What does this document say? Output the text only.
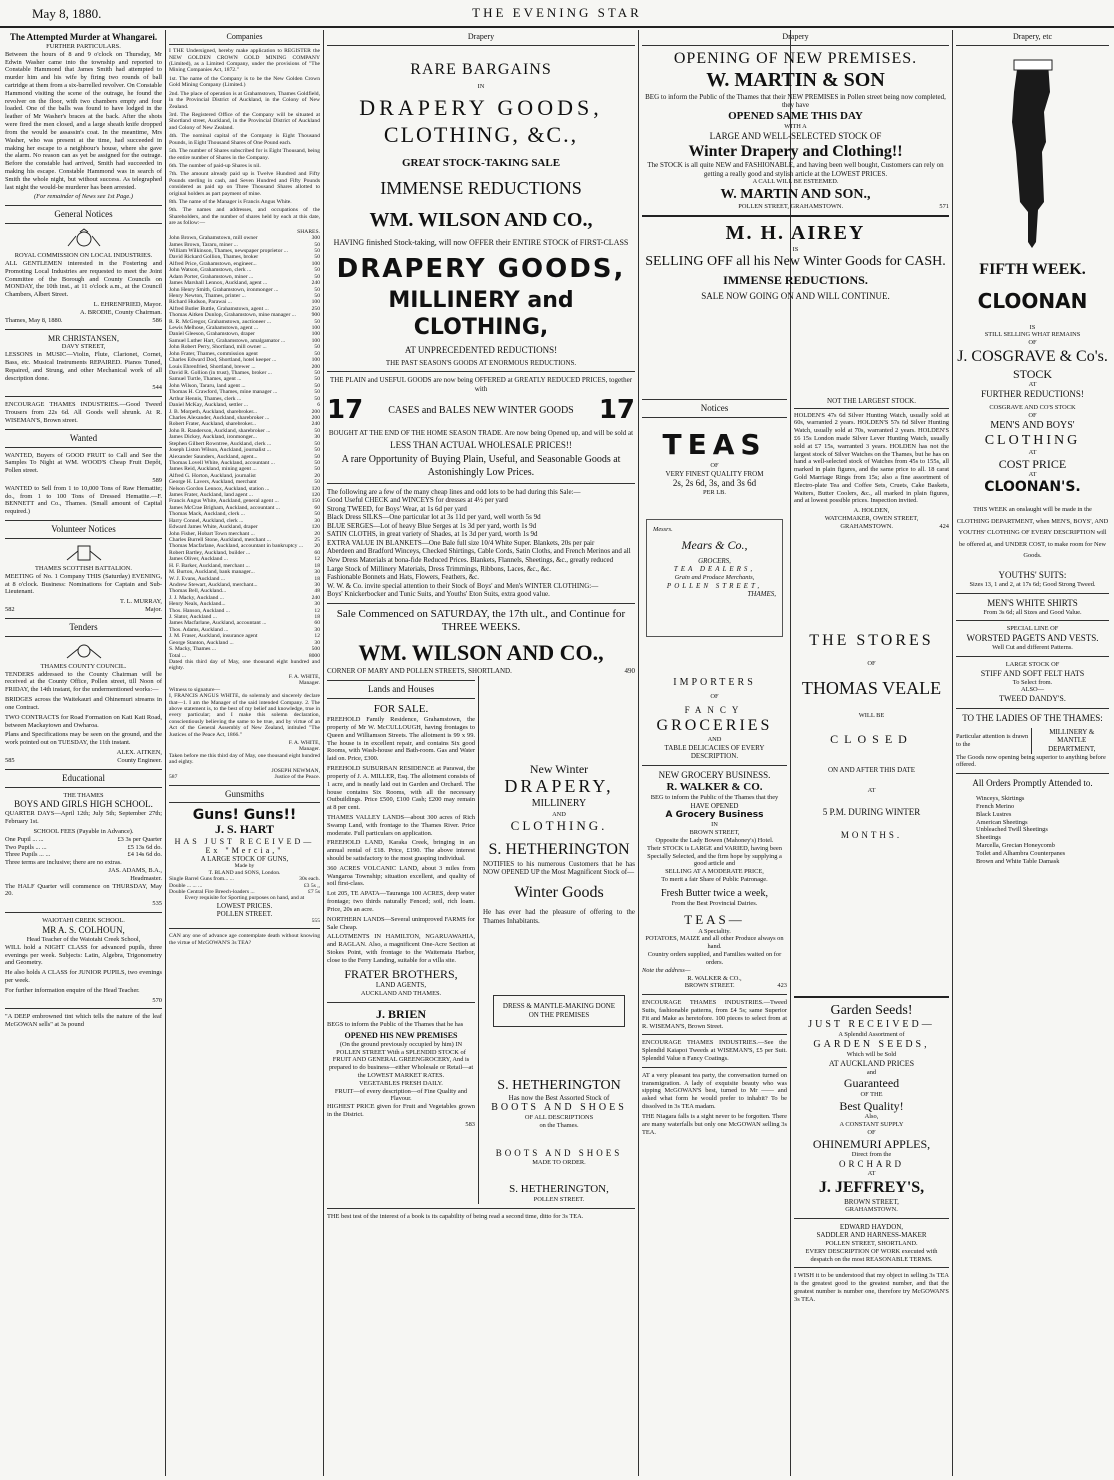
May 8, 1880.	THE EVENING STAR
The Attempted Murder at Whangarei.
FURTHER PARTICULARS.
Between the hours of 8 and 9 o'clock on Thursday, Mr Edwin Washer came into the township and reported to Constable Hammond that James Smith had attempted to murder him and his wife by firing two rounds of ball cartridge at them from a six-barrelled revolver. On Constable Hammond visiting the scene of the outrage, he found the revolver on the floor, with two chambers empty and four loaded. One of the balls was found to have lodged in the leather of Mr Washer's braces at the back. After the shots were fired the men closed, and a large sheath knife dropped from the would be assassin's coat. In the meantime, Mrs Washer, who was present at the time, had succeeded in making her escape to a neighbour's house, where she gave the alarm. No reason can as yet be assigned for the outrage. Before the constable had arrived, Smith had succeeded in making his escape. Constable Hammond was in search of Smith the whole night, but without success. As telegraphed last night the would-be murderer has been arrested.
(For remainder of News see 1st Page.)
General Notices
ROYAL COMMISSION ON LOCAL INDUSTRIES.
ALL GENTLEMEN interested in the Fostering and Promoting Local Industries are requested to meet the Joint Committee of the Borough and County Councils on MONDAY, the 10th inst., at 11 o'clock a.m., at the Council Chambers, Albert Street.
L. EHRENFRIED, Mayor.
A. BRODIE, County Chairman.
Thames, May 8, 1880.	586
MR CHRISTANSEN,
DAVY STREET,
LESSONS in MUSIC—Violin, Flute, Clarionet, Cornet, Bass, etc. Musical Instruments REPAIRED. Pianos Tuned, Repaired, and Strung, and other Mechanical work of all description done.
544
ENCOURAGE THAMES INDUSTRIES.—Good Tweed Trousers from 22s 6d. All Goods well shrunk. At R. WISEMAN'S, Brown street.
Wanted
WANTED, Buyers of GOOD FRUIT to Call and See the Samples To Night at WM. WOOD'S Cheap Fruit Depôt, Pollen street.
589
WANTED to Sell from 1 to 10,000 Tons of Raw Hematite; do., from 1 to 100 Tons of Dressed Hematite.—F. BENNETT and Co., Thames. (Small amount of Capital required.)
Volunteer Notices
THAMES SCOTTISH BATTALION.
MEETING of No. 1 Company THIS (Saturday) EVENING, at 8 o'clock. Business: Nominations for Captain and Sub-Lieutenant.
T. L. MURRAY,
582	Major.
Tenders
THAMES COUNTY COUNCIL.
TENDERS addressed to the County Chairman will be received at the County Office, Pollen street, till Noon of FRIDAY, the 14th instant, for the undermentioned works:—
BRIDGES across the Waitekauri and Ohinemuri streams in one Contract.
TWO CONTRACTS for Road Formation on Kati Kati Road, between Mackaytown and Owharoa.
Plans and Specifications may be seen on the ground, and the work pointed out on TUESDAY, the 11th instant.
ALEX. AITKEN,
585	County Engineer.
Educational
THE THAMES
BOYS AND GIRLS HIGH SCHOOL.
QUARTER DAYS—April 12th; July 5th; September 27th; February 1st.
SCHOOL FEES (Payable in Advance).
One Pupil ... ...	£3 3s per Quarter
Two Pupils ... ...	£5 13s 6d do.
Three Pupils ... ...	£4 14s 6d do.
Three terms are inclusive; there are no extras.
JAS. ADAMS, B.A.,
Headmaster.
The HALF Quarter will commence on THURSDAY, May 20.
535
WAIOTAHI CREEK SCHOOL.
MR A. S. COLHOUN,
Head Teacher of the Waiotahi Creek School,
WILL hold a NIGHT CLASS for advanced pupils, three evenings per week. Subjects: Latin, Algebra, Trigonometry and Geometry.
He also holds A CLASS for JUNIOR PUPILS, two evenings per week.
For further information enquire of the Head Teacher.
570
"A DEEP embrowned tint which tells the nature of the leaf McGOWAN sells" at 3s pound
Companies
I THE Undersigned, hereby make application to REGISTER the NEW GOLDEN CROWN GOLD MINING COMPANY (Limited), as a Limited Company, under the provisions of "The Mining Companies Act, 1872."
1st. The name of the Company is to be the New Golden Crown Gold Mining Company (Limited.)
2nd. The place of operation is at Grahamstown, Thames Goldfield, in the Provincial District of Auckland, in the Colony of New Zealand.
3rd. The Registered Office of the Company will be situated at Shortland street, Auckland, in the Provincial District of Auckland and Colony of New Zealand.
4th. The nominal capital of the Company is Eight Thousand Pounds, in Eight Thousand Shares of One Pound each.
5th. The number of Shares subscribed for is Eight Thousand, being the entire number of Shares in the Company.
6th. The number of paid-up Shares is nil.
7th. The amount already paid up is Twelve Hundred and Fifty Pounds sterling in cash, and Seven Hundred and Fifty Pounds considered as paid up on Three Thousand Shares allotted to original holders as part payment of mine.
8th. The name of the Manager is Francis Angus White.
9th. The names and addresses, and occupations of the Shareholders, and the number of shares held by each at this date, are as follow:—
SHARES.
John Brown, Grahamstown, mill owner	300
James Brown, Tararu, miner ...	50
William Wilkinson, Thames, newspaper proprietor ...	50
David Rickard Gollion, Thames, broker	50
Alfred Price, Grahamstown, engineer...	100
John Watson, Grahamstown, clerk ...	50
Adam Porter, Grahamstown, miner ...	50
James Marshall Lennox, Auckland, agent ...	240
John Henry Smith, Grahamstown, ironmonger ...	50
Henry Newton, Thames, printer ...	50
Richard Hudson, Parawai ...	100
Alfred Butler Buttle, Grahamstown, agent ...	250
Thomas Aitken Dunlop, Grahamstown, mine manager ...	900
R. R. McGregor, Grahamstown, auctioneer ...	50
Lewis Melhose, Grahamstown, agent ...	100
Daniel Gleeson, Grahamstown, draper	100
Samuel Luther Hart, Grahamstown, amalgamator ...	100
John Robert Perry, Shortland, mill owner ...	50
John Frater, Thames, commission agent	50
Charles Edward Dod, Shortland, hotel keeper ...	100
Louis Ehrenfried, Shortland, brewer ...	200
David R. Gollion (in trust), Thames, broker ...	50
Samuel Turtle, Thames, agent ...	50
John Wilson, Tararu, land agent ...	50
Thomas H. Crawford, Thames, mine manager ...	50
Arthur Hennis, Thames, clerk ...	50
Daniel McKay, Auckland, settler ...	6
J. B. Morpeth, Auckland, sharebroker...	200
Charles Alexander, Auckland, sharebroker ...	200
Robert Frater, Auckland, sharebroker...	240
John R. Randerson, Auckland, sharebroker ...	50
James Dickey, Auckland, ironmonger...	30
Stephen Gilbert Rowntree, Auckland, clerk ...	50
Joseph Liston Wilson, Auckland, journalist ...	50
Alexander Saunders, Auckland, agent...	50
Thomas Lovell White, Auckland, accountant ...	50
James Reid, Auckland, mining agent ...	50
Alfred G. Horton, Auckland, journalist	20
George H. Lavers, Auckland, merchant	50
Nelson Gordon Lennox, Auckland, station ...	120
James Frater, Auckland, land agent ...	120
Francis Angus White, Auckland, general agent ...	150
James McCrae Brigham, Auckland, accountant ...	60
Thomas Mack, Auckland, clerk ...	50
Harry Connel, Auckland, clerk ...	30
Edward James White, Auckland, draper	120
John Fisher, Hobart Town merchant ...	20
Charles Burrell Stone, Auckland, merchant ...	25
Thomas Macfarlane, Auckland, accountant in bankruptcy ... 20
Robert Bartley, Auckland, builder ...	60
James Oliver, Auckland ...	12
H. F. Barker, Auckland, merchant ...	18
M. Burton, Auckland, bank manager...	30
W. J. Evans, Auckland ...	18
Andrew Stewart, Auckland, merchant...	30
Thomas Bell, Auckland...	48
J. J. Macky, Auckland ...	240
Henry Neals, Auckland...	30
Thos. Hanson, Auckland ...	12
J. Slator, Auckland ...	18
James Macfarlane, Auckland, accountant ...	60
Thos. Adams, Auckland ...	30
J. M. Fraser, Auckland, insurance agent	12
George Stanton, Auckland ...	30
S. Macky, Thames ...	500
Total ...	8000
Dated this third day of May, one thousand eight hundred and eighty.
F. A. WHITE,
Manager.
Witness to signature—
I, FRANCIS ANGUS WHITE, do solemnly and sincerely declare that—1. I am the Manager of the said intended Company. 2. The above statement is, to the best of my belief and knowledge, true in every particular; and I make this solemn declaration, conscientiously believing the same to be true, and by virtue of an Act of the General Assembly of New Zealand, intituled "The Justices of the Peace Act, 1866."
F. A. WHITE,
Manager.
Taken before me this third day of May, one thousand eight hundred and eighty.
JOSEPH NEWMAN,
587	Justice of the Peace.
Gunsmiths
Guns! Guns!!
J. S. HART
HAS JUST RECEIVED— Ex "Mercia,"
A LARGE STOCK OF GUNS,
Made by
T. BLAND and SONS, London.
Single Barrel Guns from... ...	30s each.
Double ... ... ...	£3 5s ,,
Double Central Fire Breech-loaders ...	£7 5s
Every requisite for Sporting purposes on hand, and at
LOWEST PRICES.
POLLEN STREET.
555
CAN any one of advance age contemplate death without knowing the virtue of McGOWAN'S 3s TEA?
Drapery
RARE BARGAINS
IN
DRAPERY GOODS,
CLOTHING, &C.,
GREAT STOCK-TAKING SALE
IMMENSE REDUCTIONS
WM. WILSON AND CO.,
HAVING finished Stock-taking, will now OFFER their ENTIRE STOCK of FIRST-CLASS
DRAPERY GOODS,
MILLINERY and CLOTHING,
AT UNPRECEDENTED REDUCTIONS!
THE PAST SEASON'S GOODS AT ENORMOUS REDUCTIONS.
THE PLAIN and USEFUL GOODS are now being OFFERED at GREATLY REDUCED PRICES, together with
17	CASES and BALES NEW WINTER GOODS 17
BOUGHT AT THE END OF THE HOME SEASON TRADE. Are now being Opened up, and will be sold at
LESS THAN ACTUAL WHOLESALE PRICES!!
A rare Opportunity of Buying Plain, Useful, and Seasonable Goods at Astonishingly Low Prices.
The following are a few of the many cheap lines and odd lots to be had during this Sale:—
Good Useful CHECK and WINCEYS for dresses at 4½ per yard
Strong TWEED, for Boys' Wear, at 1s 6d per yard
Black Dress SILKS—One particular lot at 3s 11d per yard, well worth 5s 9d
BLUE SERGES—Lot of heavy Blue Serges at 1s 3d per yard, worth 1s 9d
SATIN CLOTHS, in great variety of Shades, at 1s 3d per yard, worth 1s 9d
EXTRA VALUE IN BLANKETS—One Bale full size 10/4 White Super. Blankets, 20s per pair
Aberdeen and Bradford Winceys, Checked Shirtings, Cable Cords, Satin Cloths, and French Merinos and all New Dress Materials at bona-fide Reduced Prices. Blankets, Flannels, Sheetings, &c., greatly reduced
Large Stock of Millinery Materials, Dress Trimmings, Ribbons, Laces, &c., &c.
Fashionable Bonnets and Hats, Flowers, Feathers, &c.
W. W. & Co. invite special attention to their Stock of Boys' and Men's WINTER CLOTHING:—
Boys' Knickerbocker and Tunic Suits, and Youths' Eton Suits, extra good value.
Sale Commenced on SATURDAY, the 17th ult., and Continue for THREE WEEKS.
WM. WILSON AND CO.,
CORNER OF MARY AND POLLEN STREETS, SHORTLAND.	490
Lands and Houses
FOR SALE.
FREEHOLD Family Residence, Grahamstown, the property of Mr W. McCULLOUGH, having frontages to Queen and Williamson Streets. The allotment is 99 x 99. The house is in excellent repair, and contains Six good Rooms, with Wash-house and Bath-room. Gas and Water laid on. Price, £300.
FREEHOLD SUBURBAN RESIDENCE at Parawai, the property of J. A. MILLER, Esq. The allotment consists of 1 acre, and is neatly laid out in Garden and Orchard. The house contains Six Rooms, with all the necessary Outbuildings. Price £500, £100 Cash; £200 may remain at 8 per cent.
THAMES VALLEY LANDS—about 300 acres of Rich Swamp Land, with frontage to the Thames River. Price moderate. Full particulars on application.
FREEHOLD LAND, Karaka Creek, bringing in an annual rental of £18. Price, £190. The above interest should be satisfactory to the most grasping individual.
360 ACRES VOLCANIC LAND, about 3 miles from Wangaroa Township; situation excellent, and quality of soil first-class.
Lot 205, TE APATA—Tauranga 100 ACRES, deep water frontage; two thirds naturally Fenced; soil, rich loam. Price, 20s an acre.
NORTHERN LANDS—Several unimproved FARMS for Sale Cheap.
ALLOTMENTS IN HAMILTON, NGARUAWAHIA, and RAGLAN. Also, a magnificent One-Acre Section at Stokes Point, with frontage to the Waitemata Harbor, close to the Ferry Landing, suitable for a villa site.
FRATER BROTHERS,
LAND AGENTS,
AUCKLAND AND THAMES.
J. BRIEN
BEGS to inform the Public of the Thames that he has
OPENED HIS NEW PREMISES
(On the ground previously occupied by him) IN POLLEN STREET With a SPLENDID STOCK of FRUIT AND GENERAL GREENGROCERY, And is prepared to do business—either Wholesale or Retail—at the LOWEST MARKET RATES.
VEGETABLES FRESH DAILY.
FRUIT—of every description—of Fine Quality and Flavour.
HIGHEST PRICE given for Fruit and Vegetables grown in the District.
583
New Winter
DRAPERY,
MILLINERY
AND
CLOTHING.
S. HETHERINGTON
NOTIFIES to his numerous Customers that he has NOW OPENED UP the Most Magnificent Stock of—
Winter Goods
He has ever had the pleasure of offering to the Thames Inhabitants.
DRESS & MANTLE-MAKING DONE ON THE PREMISES
S. HETHERINGTON
Has now the Best Assorted Stock of
BOOTS AND SHOES
OF ALL DESCRIPTIONS
on the Thames.
BOOTS AND SHOES
MADE TO ORDER.
S. HETHERINGTON,
POLLEN STREET.
THE best test of the interest of a book is its capability of being read a second time, ditto for 3s TEA.
Drapery
OPENING OF NEW PREMISES.
W. MARTIN & SON
BEG to inform the Public of the Thames that their NEW PREMISES in Pollen street being now completed, they have
OPENED SAME THIS DAY
WITH A
LARGE AND WELL-SELECTED STOCK OF
Winter Drapery and Clothing!!
The STOCK is all quite NEW and FASHIONABLE, and having been well bought, Customers can rely on getting a really good and stylish article at the LOWEST PRICES.
A CALL WILL BE ESTEEMED.
W. MARTIN AND SON.,
POLLEN STREET, GRAHAMSTOWN.	571
M. H. AIREY
IS
SELLING OFF all his New Winter Goods for CASH.
IMMENSE REDUCTIONS.
SALE NOW GOING ON AND WILL CONTINUE.
Notices
TEAS
OF
VERY FINEST QUALITY FROM
2s, 2s 6d, 3s, and 3s 6d
PER LB.
Messrs.
Mears & Co.,
GROCERS,
TEA DEALERS,
Grain and Produce Merchants,
POLLEN STREET,
THAMES,
IMPORTERS
OF
FANCY
GROCERIES
AND
TABLE DELICACIES OF EVERY DESCRIPTION.
NEW GROCERY BUSINESS.
R. WALKER & CO.
BEG to inform the Public of the Thames that they
HAVE OPENED
A Grocery Business
IN
BROWN STREET,
Opposite the Lady Bowen (Mahoney's) Hotel.
Their STOCK is LARGE and VARIED, having been Specially Selected, and the firm hope by supplying a good article and
SELLING AT A MODERATE PRICE,
To merit a fair Share of Public Patronage.
Fresh Butter twice a week,
From the Best Provincial Dairies.
TEAS—
A Speciality.
POTATOES, MAIZE and all other Produce always on hand.
Country orders supplied, and Families waited on for orders.
Note the address—
R. WALKER & CO.,
BROWN STREET.	423
ENCOURAGE THAMES INDUSTRIES.—Tweed Suits, fashionable patterns, from £4 5s; same Superior Fit and Make as heretofore. 100 pieces to select from at R. WISEMAN'S, Brown Street.
ENCOURAGE THAMES INDUSTRIES.—See the Splendid Kaiapoi Tweeds at WISEMAN'S, £5 per Suit. Splendid Value n Fancy Coatings.
AT a very pleasant tea party, the conversation turned on transmigration. A lady of exquisite beauty who was sipping McGOWAN'S best, turned to Mr —— and asked what form he would prefer to inhabit? To be dissolved in 3s TEA madam.
THE Niagara falls is a sight never to be forgotten. There are many waterfalls but only one McGOWAN selling 3s TEA.
NOT THE LARGEST STOCK.
HOLDEN'S 47s 6d Silver Hunting Watch, usually sold at 60s, warranted 2 years. HOLDEN'S 57s 6d Silver Hunting Watch, usually sold at 70s, warranted 2 years. HOLDEN'S £6 15s London made Silver Lever Hunting Watch, usually sold at £7 15s, warranted 3 years. HOLDEN has not the largest stock of Silver Watches on the Thames, but he has on hand a well-selected stock of Watches from 45s to 155s, all marked in plain figures, and the same price to all. 18 carat Gold Marriage Rings from 15s; also a fine assortment of Electro-plate Tea and Coffee Sets, Cruets, Cake Baskets, Waiters, Butter Coolers, &c., all marked in plain figures, and at lowest possible prices. Inspection invited.
A. HOLDEN,
WATCHMAKER, OWEN STREET,
GRAHAMSTOWN.	424
THE STORES
OF
THOMAS VEALE
WILL BE
CLOSED
ON AND AFTER THIS DATE
AT
5 P.M. DURING WINTER
MONTHS.
Garden Seeds!
JUST RECEIVED—
A Splendid Assortment of
GARDEN SEEDS,
Which will be Sold
AT AUCKLAND PRICES
and
Guaranteed
OF THE
Best Quality!
Also,
A CONSTANT SUPPLY
OF
OHINEMURI APPLES,
Direct from the
ORCHARD
AT
J. JEFFREY'S,
BROWN STREET,
GRAHAMSTOWN.
EDWARD HAYDON,
SADDLER AND HARNESS-MAKER
POLLEN STREET, SHORTLAND.
EVERY DESCRIPTION OF WORK executed with despatch on the most REASONABLE TERMS.
I WISH it to be understood that my object in selling 3s TEA is the greatest good to the greatest number, and that the greatest number is number one, therefore try McGOWAN'S 3s TEA.
Drapery, etc
FIFTH WEEK.
CLOONAN
IS
STILL SELLING WHAT REMAINS
OF
J. COSGRAVE & Co's.
STOCK
AT
FURTHER REDUCTIONS!
COSGRAVE AND CO'S STOCK
OF
MEN'S AND BOYS'
CLOTHING
AT
COST PRICE
AT
CLOONAN'S.
THIS WEEK an onslaught will be made in the CLOTHING DEPARTMENT, when MEN'S, BOYS', AND YOUTHS' CLOTHING OF EVERY DESCRIPTION will be offered at, and UNDER COST, to make room for New Goods.
YOUTHS' SUITS:
Sizes 13, 1 and 2, at 17s 6d; Good Strong Tweed.
MEN'S WHITE SHIRTS
From 3s 6d; all Sizes and Good Value.
SPECIAL LINE OF
WORSTED PAGETS AND VESTS.
Well Cut and different Patterns.
LARGE STOCK OF
STIFF AND SOFT FELT HATS
To Select from.
ALSO—
TWEED DANDY'S.
TO THE LADIES OF THE THAMES:
Particular attention is drawn to the
MILLINERY & MANTLE DEPARTMENT,
The Goods now opening being superior to anything before offered.
All Orders Promptly Attended to.
Winceys, Skirtings
French Merino
Black Lustres
American Sheetings
Unbleached Twill Sheetings
Sheetings
Marcella, Grecian Honeycomb
Toilet and Alhambra Counterpanes
Brown and White Table Damask
